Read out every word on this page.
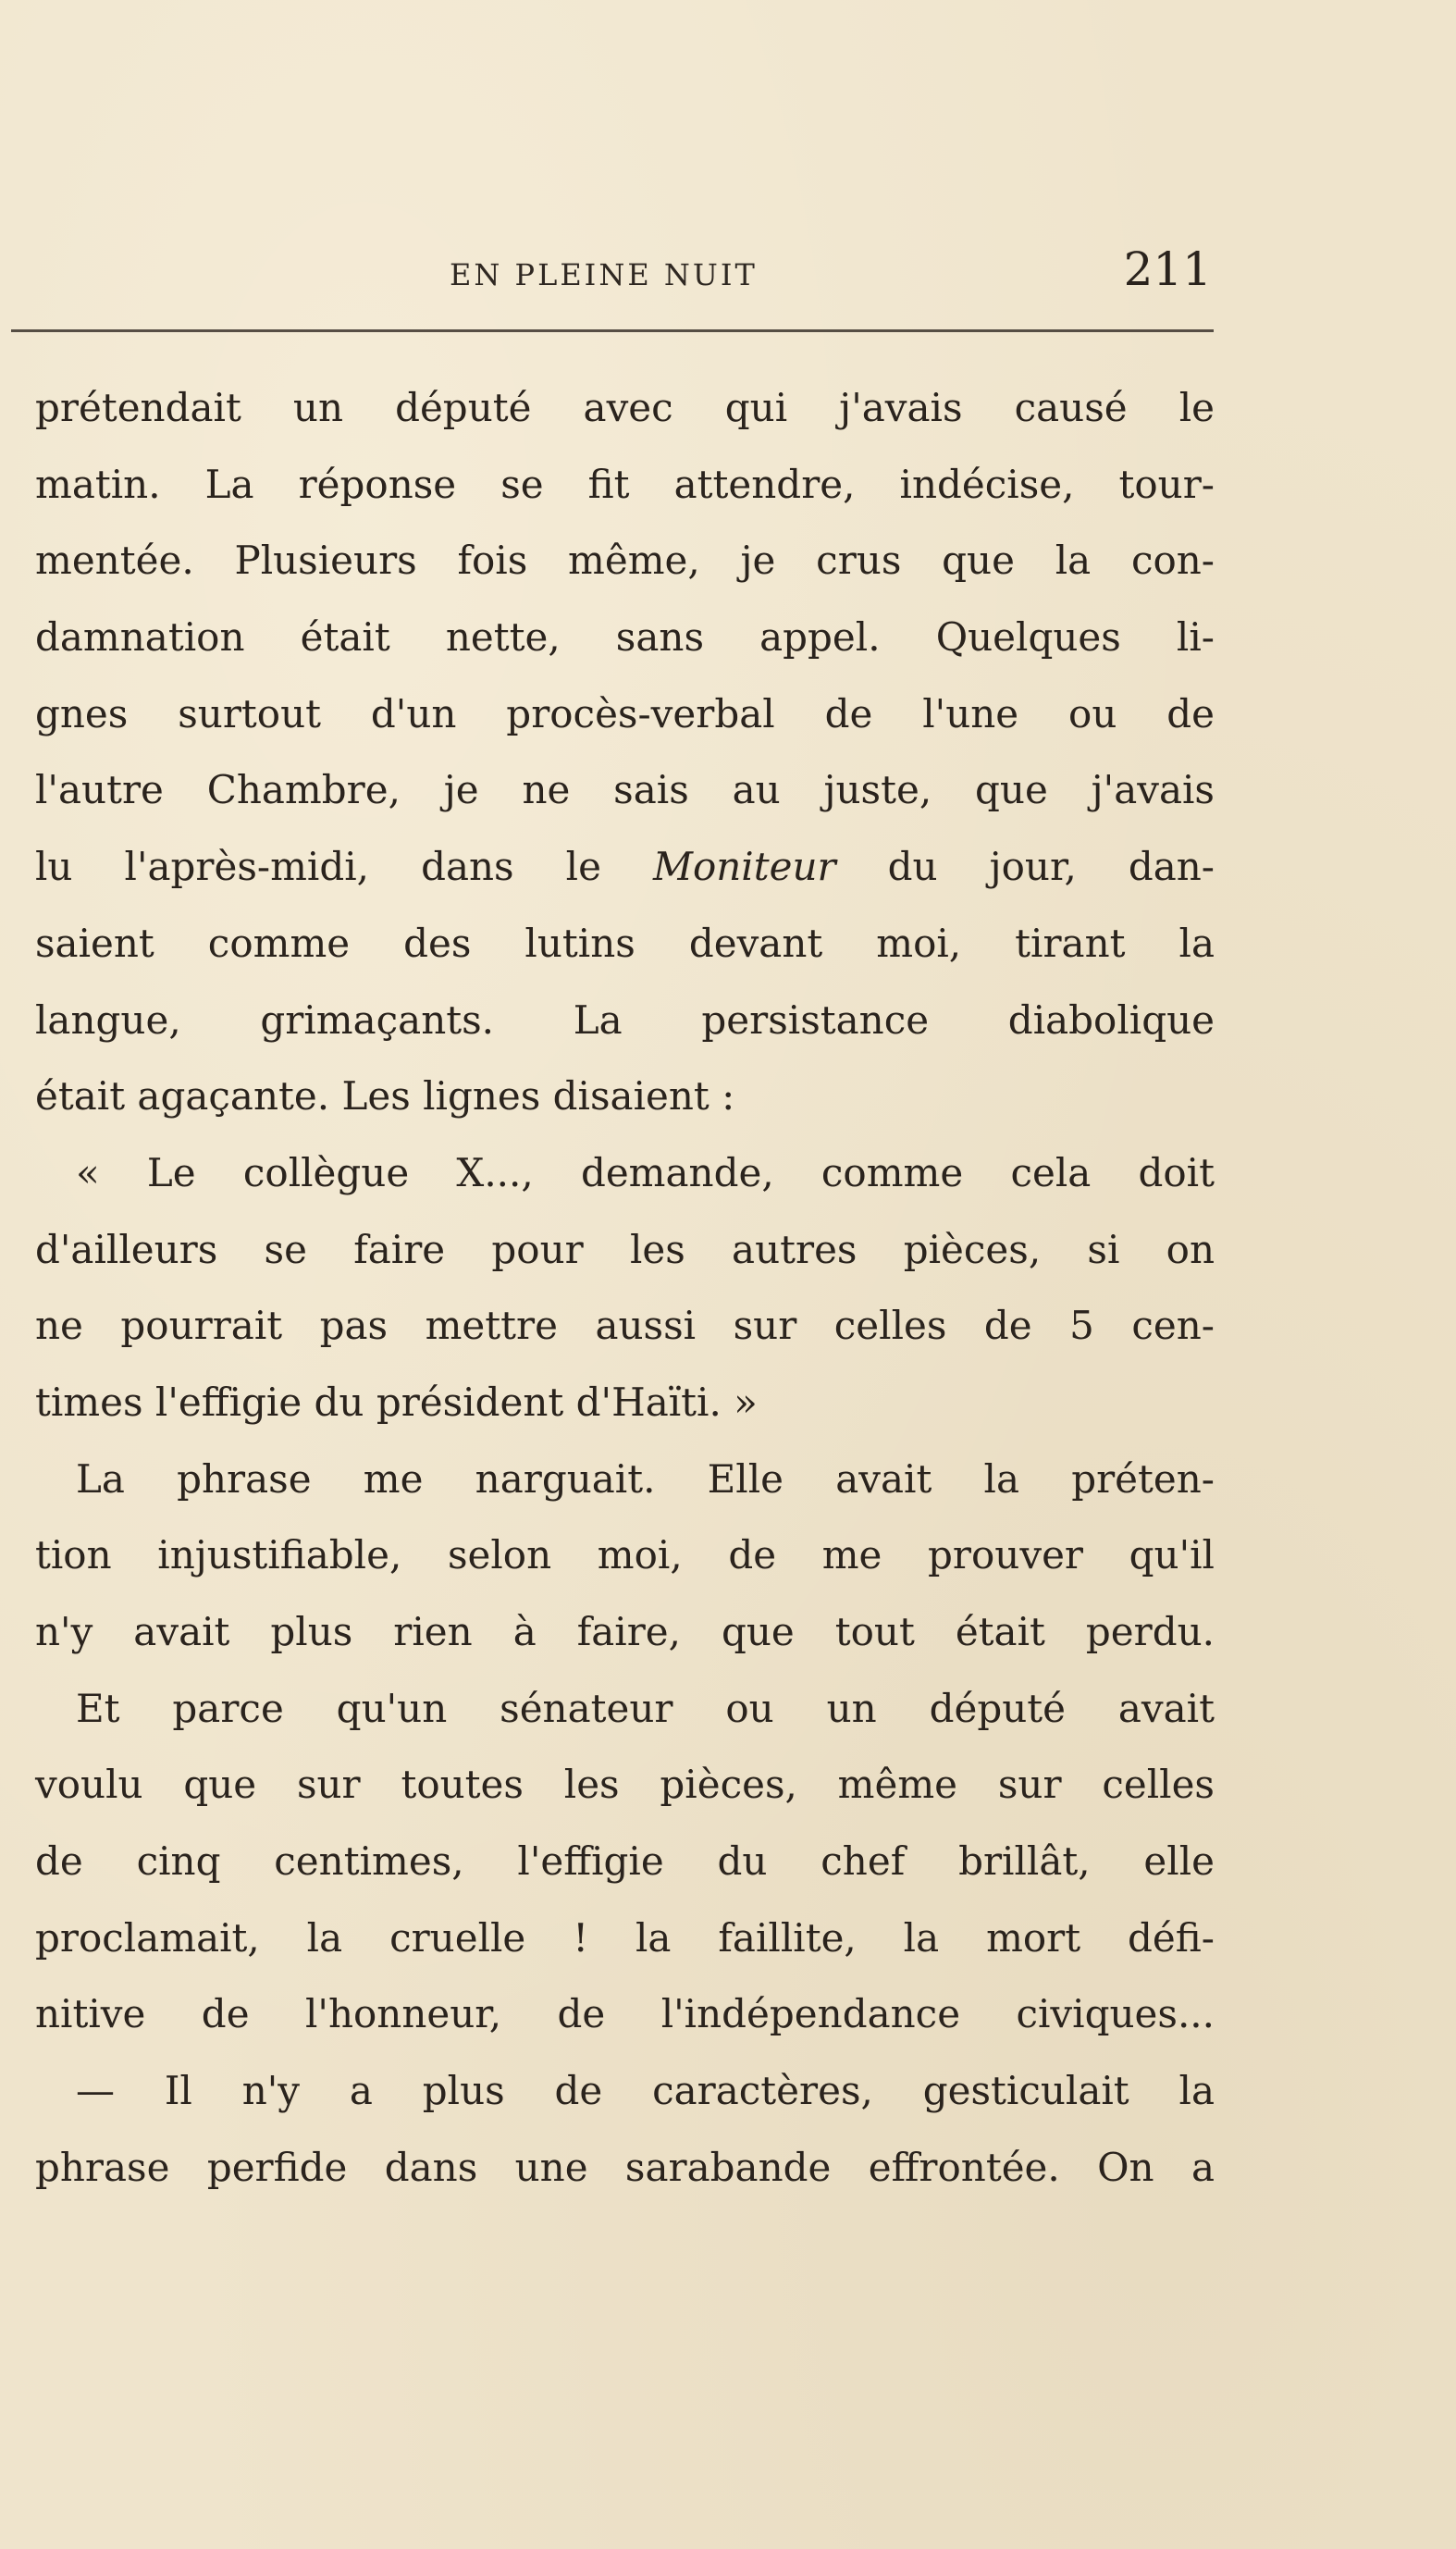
EN PLEINE NUIT	211
prétendait un député avec qui j'avais causé le
matin. La réponse se fit attendre, indécise, tour-
mentée. Plusieurs fois même, je crus que la con-
damnation était nette, sans appel. Quelques li-
gnes surtout d'un procès-verbal de l'une ou de
l'autre Chambre, je ne sais au juste, que j'avais
lu l'après-midi, dans le Moniteur du jour, dan-
saient comme des lutins devant moi, tirant la
langue, grimaçants. La persistance diabolique
était agaçante. Les lignes disaient :
« Le collègue X..., demande, comme cela doit
d'ailleurs se faire pour les autres pièces, si on
ne pourrait pas mettre aussi sur celles de 5 cen-
times l'effigie du président d'Haïti. »
La phrase me narguait. Elle avait la préten-
tion injustifiable, selon moi, de me prouver qu'il
n'y avait plus rien à faire, que tout était perdu.
Et parce qu'un sénateur ou un député avait
voulu que sur toutes les pièces, même sur celles
de cinq centimes, l'effigie du chef brillât, elle
proclamait, la cruelle ! la faillite, la mort défi-
nitive de l'honneur, de l'indépendance civiques...
— Il n'y a plus de caractères, gesticulait la
phrase perfide dans une sarabande effrontée. On a
